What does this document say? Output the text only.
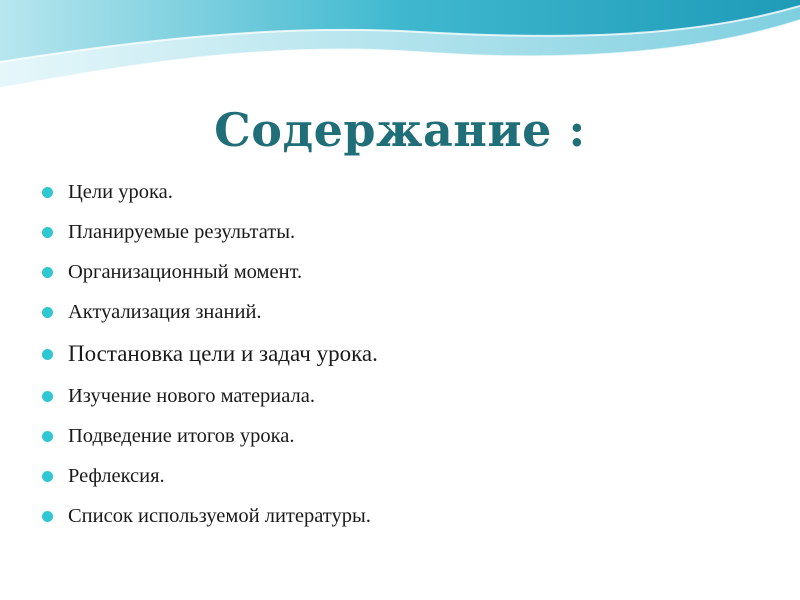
Содержание :
Цели урока.
Планируемые результаты.
Организационный момент.
Актуализация знаний.
Постановка цели и задач урока.
Изучение нового материала.
Подведение итогов урока.
Рефлексия.
Список используемой литературы.
